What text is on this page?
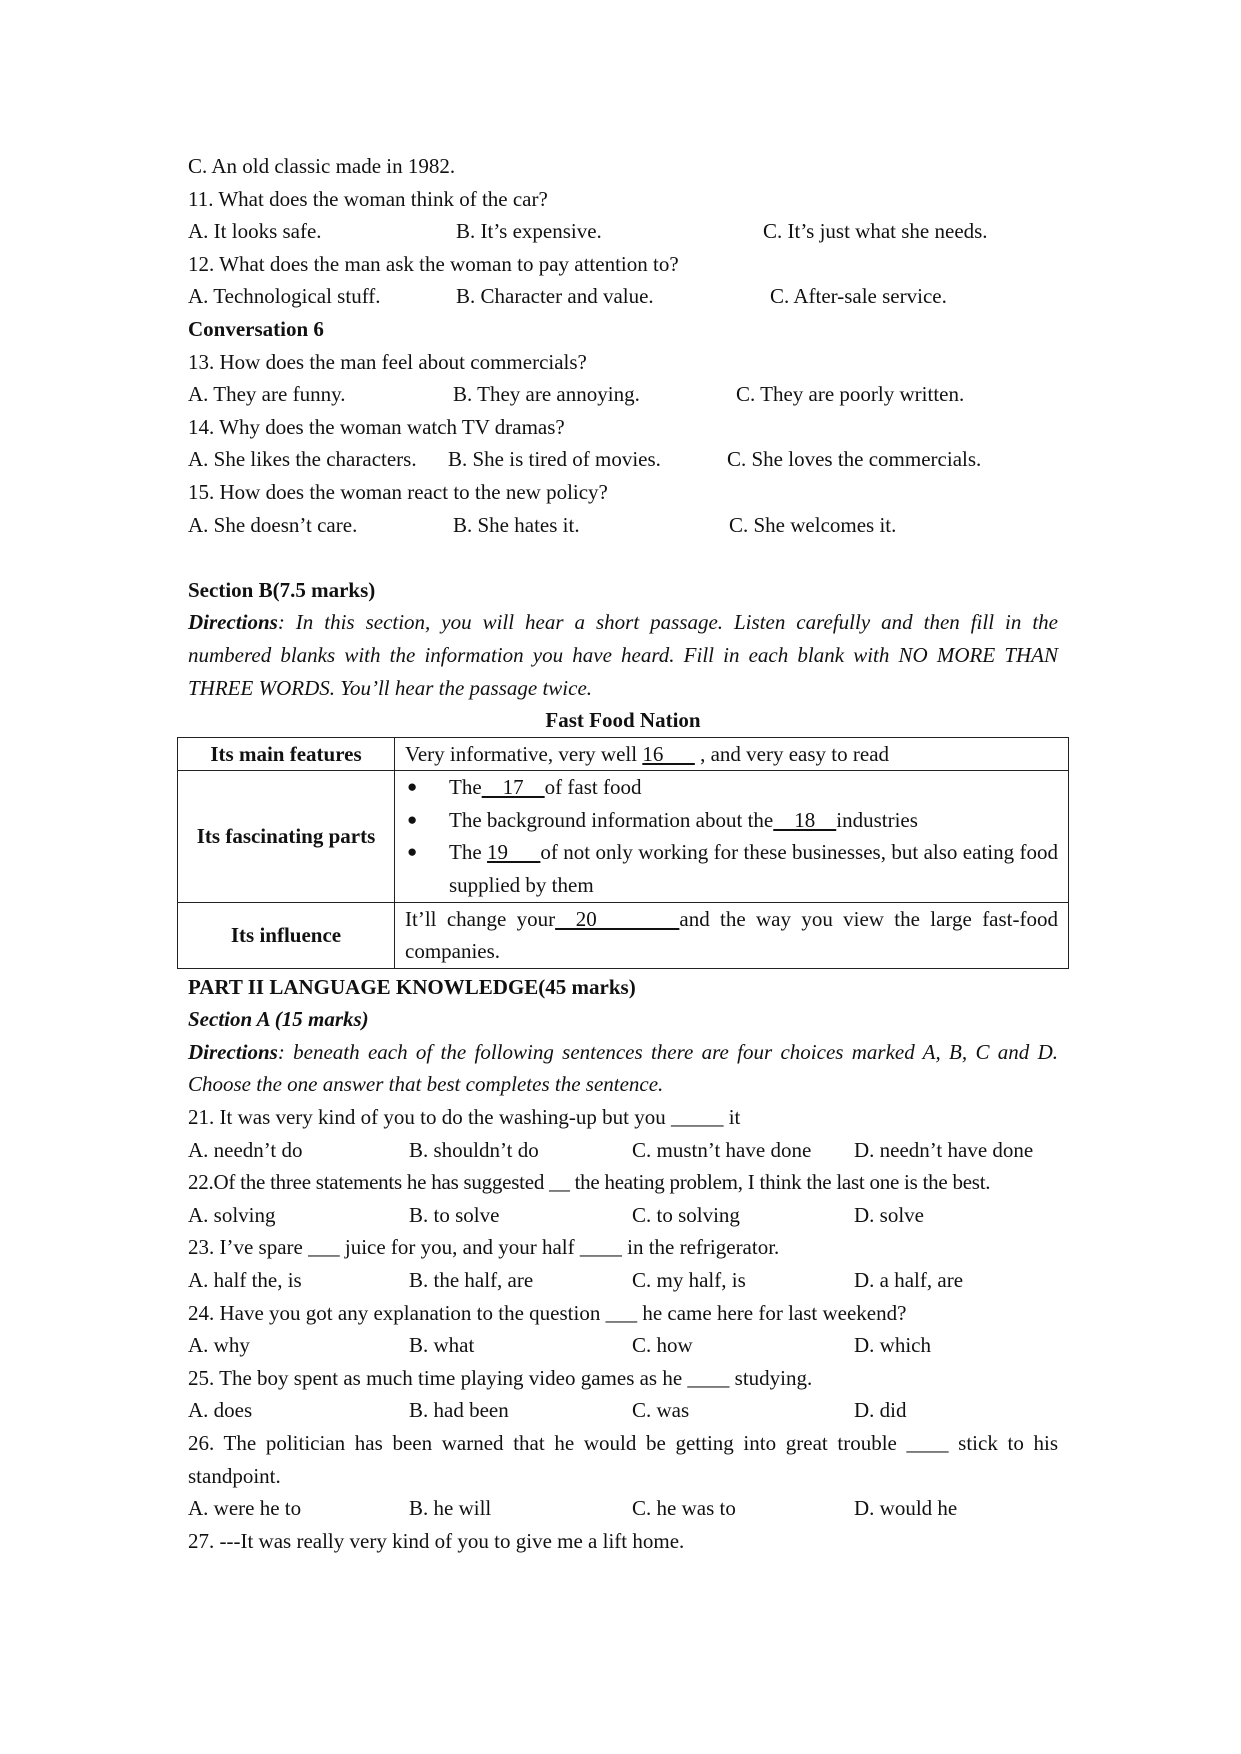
C. An old classic made in 1982.
11. What does the woman think of the car?
A. It looks safe.	B. It’s expensive.	C. It’s just what she needs.
12. What does the man ask the woman to pay attention to?
A. Technological stuff.	B. Character and value.	C. After-sale service.
Conversation 6
13. How does the man feel about commercials?
A. They are funny.	B. They are annoying.	C. They are poorly written.
14. Why does the woman watch TV dramas?
A. She likes the characters. B. She is tired of movies.	C. She loves the commercials.
15. How does the woman react to the new policy?
A. She doesn’t care.	B. She hates it.	C. She welcomes it.
Section B(7.5 marks)
Directions: In this section, you will hear a short passage. Listen carefully and then fill in the
numbered blanks with the information you have heard. Fill in each blank with NO MORE THAN
THREE WORDS. You’ll hear the passage twice.
Fast Food Nation
Its main features	Very informative, very well 16       , and very easy to read
Its fascinating parts	● The    17    of fast food
● The background information about the    18    industries
● The 19      of not only working for these businesses, but also eating food supplied by them

Its influence	It’ll change your  20        and the way you view the large fast-food companies.
PART II LANGUAGE KNOWLEDGE(45 marks)
Section A (15 marks)
Directions: beneath each of the following sentences there are four choices marked A, B, C and D.
Choose the one answer that best completes the sentence.
21. It was very kind of you to do the washing-up but you _____ it
A. needn’t do	B. shouldn’t do	C. mustn’t have done D. needn’t have done
22.Of the three statements he has suggested __ the heating problem, I think the last one is the best.
A. solving	B. to solve	C. to solving	D. solve
23. I’ve spare ___ juice for you, and your half ____ in the refrigerator.
A. half the, is	B. the half, are	C. my half, is	D. a half, are
24. Have you got any explanation to the question ___ he came here for last weekend?
A. why	B. what	C. how	D. which
25. The boy spent as much time playing video games as he ____ studying.
A. does	B. had been	C. was	D. did
26. The politician has been warned that he would be getting into great trouble ____ stick to his
standpoint.
A. were he to	B. he will	C. he was to	D. would he
27. ---It was really very kind of you to give me a lift home.
